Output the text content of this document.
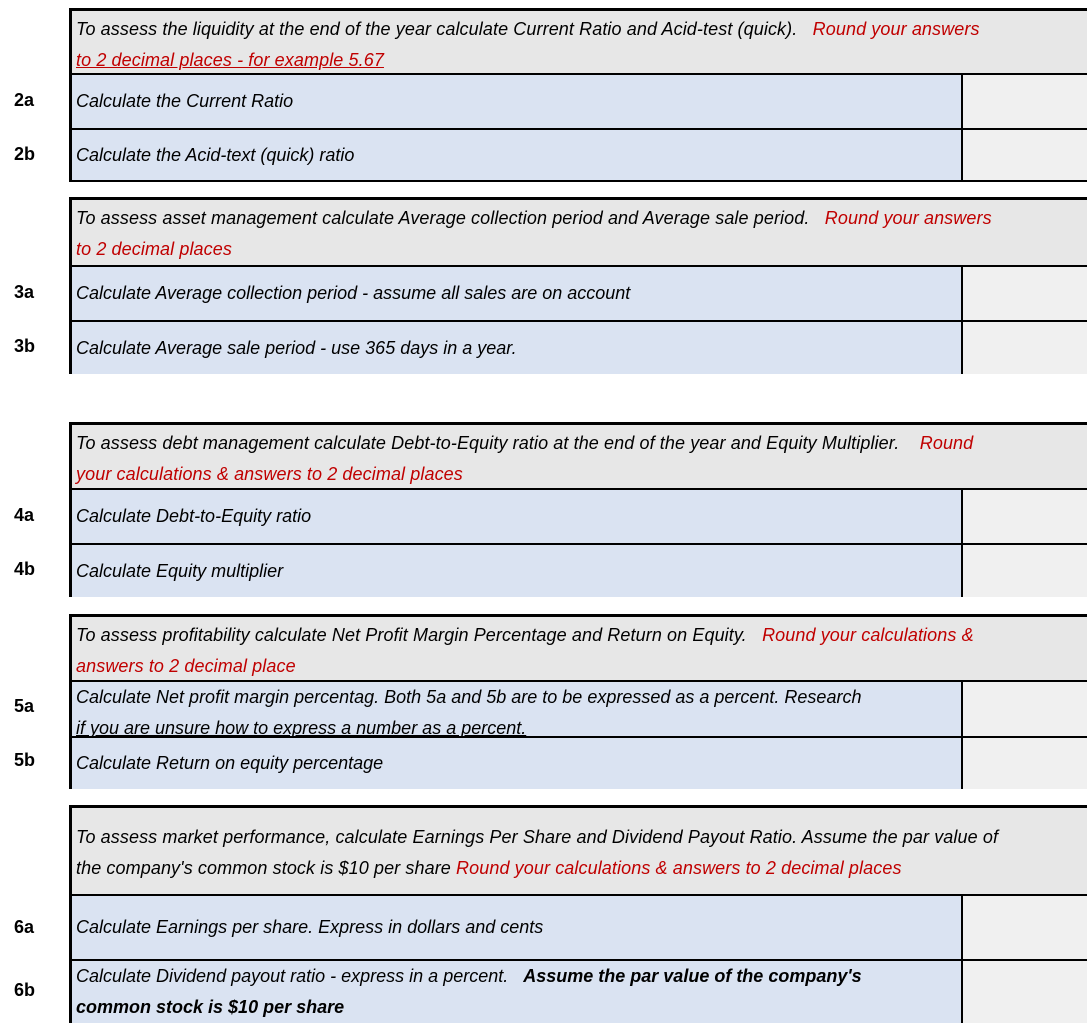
To assess the liquidity at the end of the year calculate Current Ratio and Acid-test (quick). Round your answers
to 2 decimal places - for example 5.67
Calculate the Current Ratio
Calculate the Acid-text (quick) ratio
2a
2b
To assess asset management calculate Average collection period and Average sale period. Round your answers
to 2 decimal places
Calculate Average collection period - assume all sales are on account
Calculate Average sale period - use 365 days in a year.
3a
3b
To assess debt management calculate Debt-to-Equity ratio at the end of the year and Equity Multiplier. Round
your calculations & answers to 2 decimal places
Calculate Debt-to-Equity ratio
Calculate Equity multiplier
4a
4b
To assess profitability calculate Net Profit Margin Percentage and Return on Equity. Round your calculations &
answers to 2 decimal place
Calculate Net profit margin percentag. Both 5a and 5b are to be expressed as a percent. Research
if you are unsure how to express a number as a percent.
Calculate Return on equity percentage
5a
5b
To assess market performance, calculate Earnings Per Share and Dividend Payout Ratio. Assume the par value of
the company's common stock is $10 per share Round your calculations & answers to 2 decimal places
Calculate Earnings per share. Express in dollars and cents
Calculate Dividend payout ratio - express in a percent. Assume the par value of the company's
common stock is $10 per share
6a
6b
